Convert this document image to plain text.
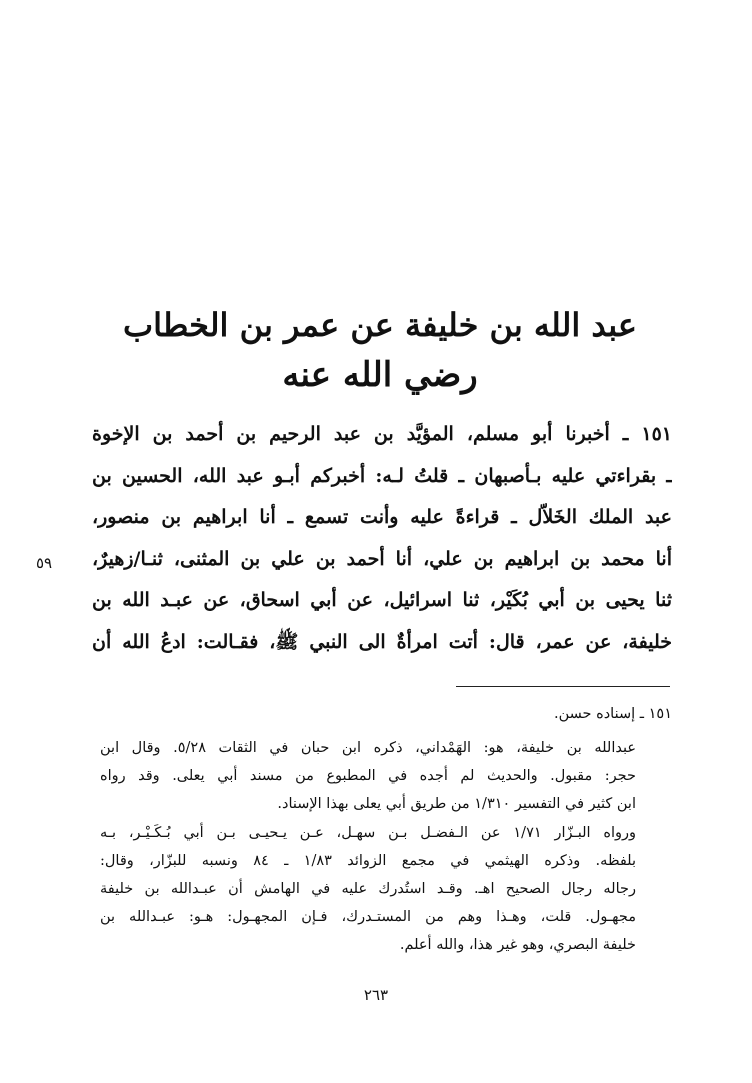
عبد الله بن خليفة عن عمر بن الخطاب
رضي الله عنه
١٥١ ـ أخبرنا أبو مسلم، المؤيَّد بن عبد الرحيم بن أحمد بن الإخوة
ـ بقراءتي عليه بـأصبهان ـ قلتُ لـه: أخبركم أبـو عبد الله، الحسين بن
عبد الملك الخَلاّل ـ قراءةً عليه وأنت تسمع ـ أنا ابراهيم بن منصور،
أنا محمد بن ابراهيم بن علي، أنا أحمد بن علي بن المثنى، ثنـا/زهيرٌ،
ثنا يحيى بن أبي بُكَيْر، ثنا اسرائيل، عن أبي اسحاق، عن عبـد الله بن
خليفة، عن عمر، قال: أتت امرأةٌ الى النبي ﷺ، فقـالت: ادعُ الله أن
٥٩
١٥١ ـ إسناده حسن.
عبدالله بن خليفة، هو: الهَمْداني، ذكره ابن حبان في الثقات ٥/٢٨. وقال ابن
حجر: مقبول. والحديث لم أجده في المطبوع من مسند أبي يعلى. وقد رواه
ابن كثير في التفسير ١/٣١٠ من طريق أبي يعلى بهذا الإسناد.
ورواه البـزّار ١/٧١ عن الـفضـل بـن سهـل، عـن يـحيـى بـن أبي بُـكَـيْـر، بـه
بلفظه. وذكره الهيثمي في مجمع الزوائد ١/٨٣ ـ ٨٤ ونسبه للبزّار، وقال:
رجاله رجال الصحيح اهـ. وقـد استُدرك عليه في الهامش أن عبـدالله بن خليفة
مجهـول. قلت، وهـذا وهم من المستـدرك، فـإن المجهـول: هـو: عبـدالله بن
خليفة البصري، وهو غير هذا، والله أعلم.
٢٦٣
